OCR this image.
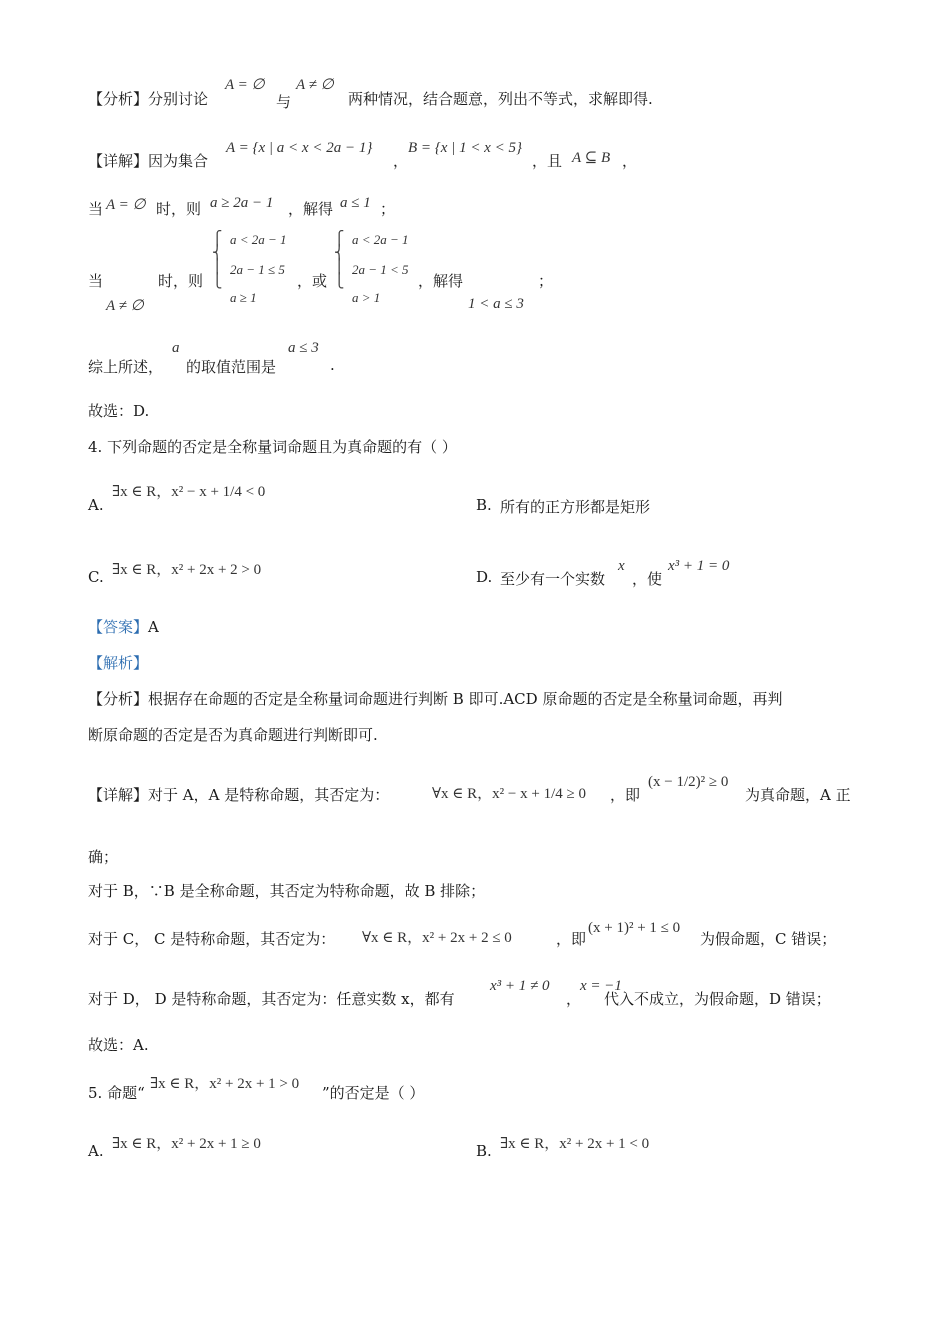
【分析】分别讨论
A = ∅
与
A ≠ ∅
两种情况，结合题意，列出不等式，求解即得.
【详解】因为集合
A = {x | a < x < 2a − 1}
，
B = {x | 1 < x < 5}
，且 A ⊆ B ，
当 A = ∅ 时，则 a ≥ 2a − 1 ，解得 a ≤ 1 ；
当
A ≠ ∅
时，则
⎧
⎨
⎪
⎩
a < 2a − 1
2a − 1 ≤ 5
a ≥ 1
，或
⎧
⎨
⎪
⎩
a < 2a − 1
2a − 1 < 5
a > 1
，解得
1 < a ≤ 3
；
综上所述，
a
的取值范围是
a ≤ 3
.
故选：D.
4. 下列命题的否定是全称量词命题且为真命题的有（ ）
A.
∃x ∈ R，x² − x + 1/4 < 0
B. 所有的正方形都是矩形
C. ∃x ∈ R，x² + 2x + 2 > 0	D. 至少有一个实数
x
，使
x³ + 1 = 0
【答案】A
【解析】
【分析】根据存在命题的否定是全称量词命题进行判断 B 即可.ACD 原命题的否定是全称量词命题，再判
断原命题的否定是否为真命题进行判断即可.
【详解】对于 A，A 是特称命题，其否定为：	∀x ∈ R，x² − x + 1/4 ≥ 0 ，即
(x − 1/2)² ≥ 0
为真命题，A 正
确；
对于 B，∵B 是全称命题，其否定为特称命题，故 B 排除；
对于 C， C 是特称命题，其否定为： ∀x ∈ R，x² + 2x + 2 ≤ 0	，即
(x + 1)² + 1 ≤ 0
为假命题，C 错误；
对于 D， D 是特称命题，其否定为：任意实数 x，都有
x³ + 1 ≠ 0
，
x = −1
代入不成立，为假命题，D 错误；
故选：A.
5. 命题“ ∃x ∈ R，x² + 2x + 1 > 0 ”的否定是（ ）
A. ∃x ∈ R，x² + 2x + 1 ≥ 0	B. ∃x ∈ R，x² + 2x + 1 < 0
